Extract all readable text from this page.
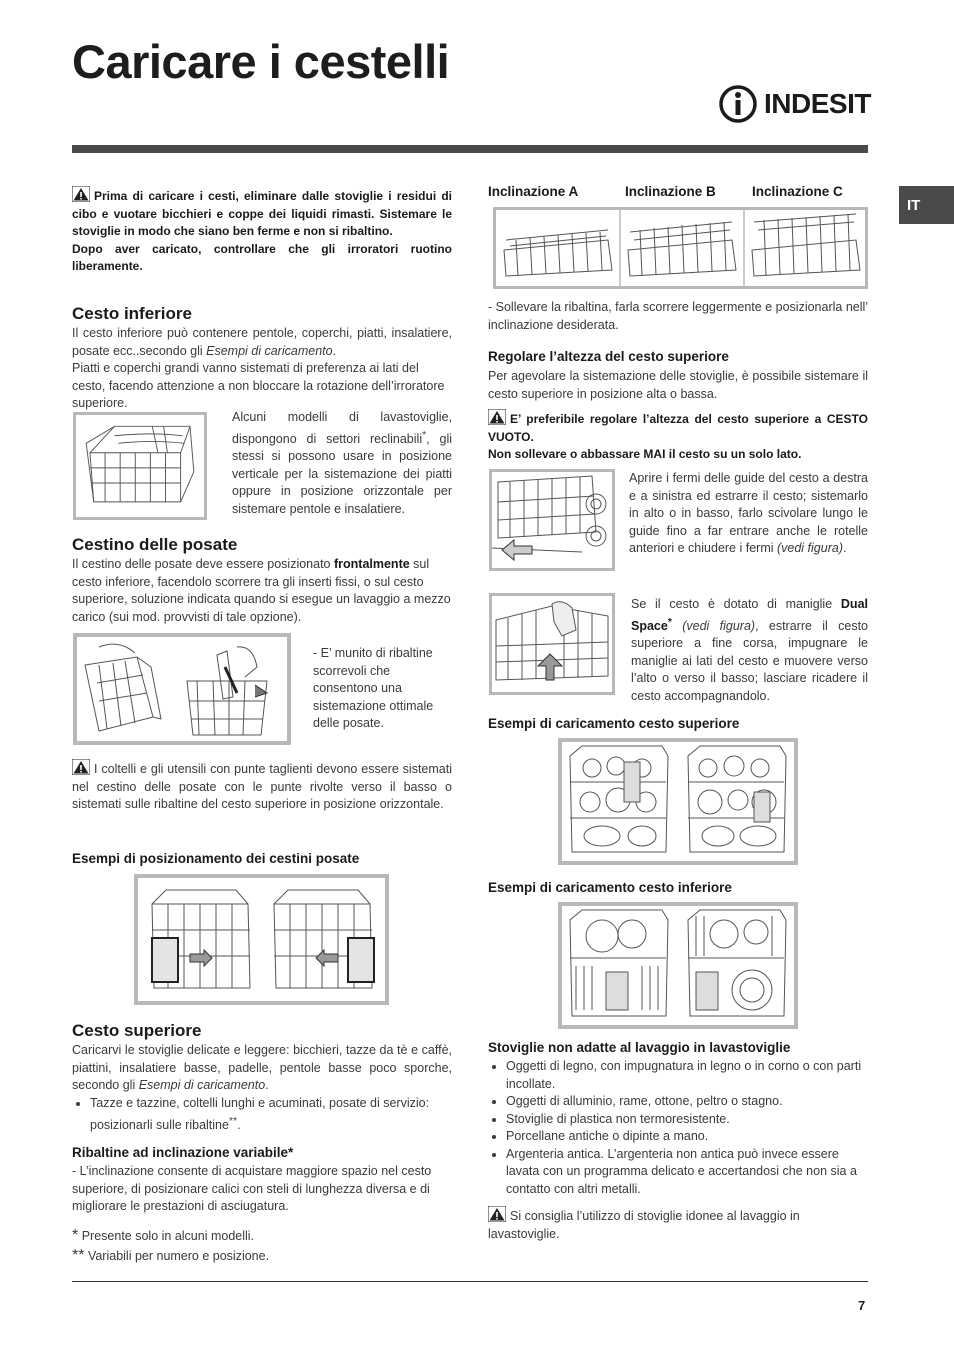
Caricare i cestelli
INDESIT
IT
Prima di caricare i cesti, eliminare dalle stoviglie i residui di cibo e vuotare bicchieri e coppe dei liquidi rimasti. Sistemare le stoviglie in modo che siano ben ferme e non si ribaltino.
Dopo aver caricato, controllare che gli irroratori ruotino liberamente.
Cesto inferiore
Il cesto inferiore può contenere pentole, coperchi, piatti, insalatiere, posate ecc..secondo gli Esempi di caricamento.

Piatti e coperchi grandi vanno sistemati di preferenza ai lati del cesto, facendo attenzione a non bloccare la rotazione dell’irroratore superiore.
Alcuni modelli di lavastoviglie, dispongono di settori reclinabili*, gli stessi si possono usare in posizione verticale per la sistemazione dei piatti oppure in posizione orizzontale per sistemare pentole e insalatiere.
Cestino delle posate
Il cestino delle posate deve essere posizionato frontalmente sul cesto inferiore, facendolo scorrere tra gli inserti fissi, o sul cesto superiore, soluzione indicata quando si esegue un lavaggio a mezzo carico (sui mod. provvisti di tale opzione).
- E’ munito di ribaltine scorrevoli che consentono una sistemazione ottimale delle posate.
I coltelli e gli utensili con punte taglienti devono essere sistemati nel cestino delle posate con le punte rivolte verso il basso o sistemati sulle ribaltine del cesto superiore in posizione orizzontale.
Esempi di posizionamento dei cestini posate
Cesto superiore
Caricarvi le stoviglie delicate e leggere: bicchieri, tazze da tè e caffè, piattini, insalatiere basse, padelle, pentole basse poco sporche, secondo gli Esempi di caricamento.
• Tazze e tazzine, coltelli lunghi e acuminati, posate di servizio: posizionarli sulle ribaltine**.
Ribaltine ad inclinazione variabile*
- L’inclinazione consente di acquistare maggiore spazio nel cesto superiore, di posizionare calici con steli di lunghezza diversa e di migliorare le prestazioni di asciugatura.
* Presente solo in alcuni modelli.
** Variabili per numero e posizione.
Inclinazione A	Inclinazione B	Inclinazione C
- Sollevare la ribaltina, farla scorrere leggermente e posizionarla nell’ inclinazione desiderata.
Regolare l’altezza del cesto superiore
Per agevolare la sistemazione delle stoviglie, è possibile sistemare il cesto superiore in posizione alta o bassa.
E’ preferibile regolare l’altezza del cesto superiore a CESTO VUOTO.
Non sollevare o abbassare MAI il cesto su un solo lato.
Aprire i fermi delle guide del cesto a destra e a sinistra ed estrarre il cesto; sistemarlo in alto o in basso, farlo scivolare lungo le guide fino a far entrare anche le rotelle anteriori e chiudere i fermi (vedi figura).
Se il cesto è dotato di maniglie Dual Space* (vedi figura), estrarre il cesto superiore a fine corsa, impugnare le maniglie ai lati del cesto e muovere verso l’alto o verso il basso; lasciare ricadere il cesto accompagnandolo.
Esempi di caricamento cesto superiore
Esempi di caricamento cesto inferiore
Stoviglie non adatte al lavaggio in lavastoviglie
• Oggetti di legno, con impugnatura in legno o in corno o con parti incollate.
• Oggetti di alluminio, rame, ottone, peltro o stagno.
• Stoviglie di plastica non termoresistente.
• Porcellane antiche o dipinte a mano.
• Argenteria antica. L’argenteria non antica può invece essere lavata con un programma delicato e accertandosi che non sia a contatto con altri metalli.
Si consiglia l’utilizzo di stoviglie idonee al lavaggio in lavastoviglie.
7
